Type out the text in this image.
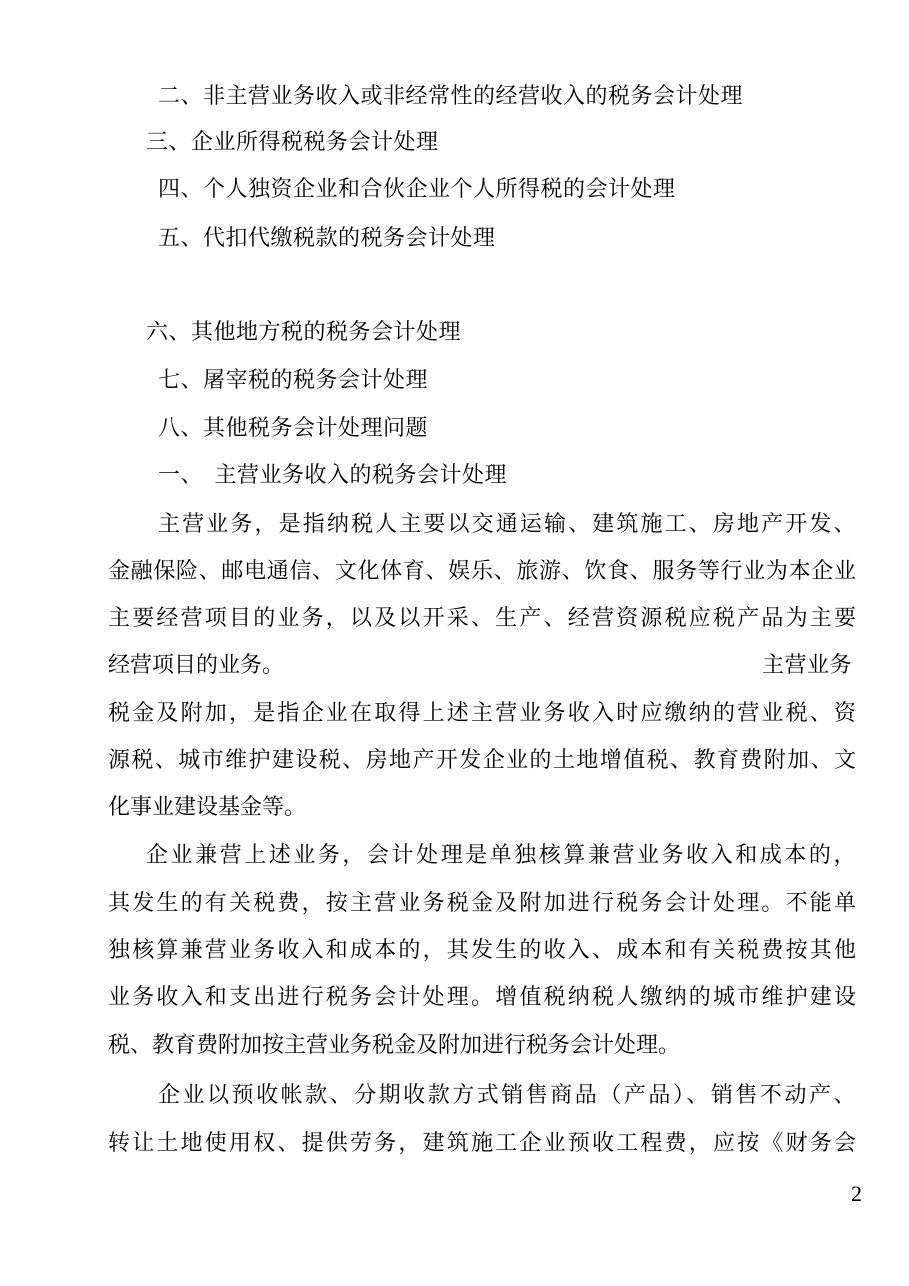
二、非主营业务收入或非经常性的经营收入的税务会计处理
三、企业所得税税务会计处理
四、个人独资企业和合伙企业个人所得税的会计处理
五、代扣代缴税款的税务会计处理
六、其他地方税的税务会计处理
七、屠宰税的税务会计处理
八、其他税务会计处理问题
一、　主营业务收入的税务会计处理
主营业务，是指纳税人主要以交通运输、建筑施工、房地产开发、
金融保险、邮电通信、文化体育、娱乐、旅游、饮食、服务等行业为本企业
主要经营项目的业务，以及以开采、生产、经营资源税应税产品为主要
经营项目的业务。	主营业务
税金及附加，是指企业在取得上述主营业务收入时应缴纳的营业税、资
源税、城市维护建设税、房地产开发企业的土地增值税、教育费附加、文
化事业建设基金等。
企业兼营上述业务，会计处理是单独核算兼营业务收入和成本的，
其发生的有关税费，按主营业务税金及附加进行税务会计处理。不能单
独核算兼营业务收入和成本的，其发生的收入、成本和有关税费按其他
业务收入和支出进行税务会计处理。增值税纳税人缴纳的城市维护建设
税、教育费附加按主营业务税金及附加进行税务会计处理。
企业以预收帐款、分期收款方式销售商品（产品）、销售不动产、
转让土地使用权、提供劳务，建筑施工企业预收工程费，应按《财务会
2
